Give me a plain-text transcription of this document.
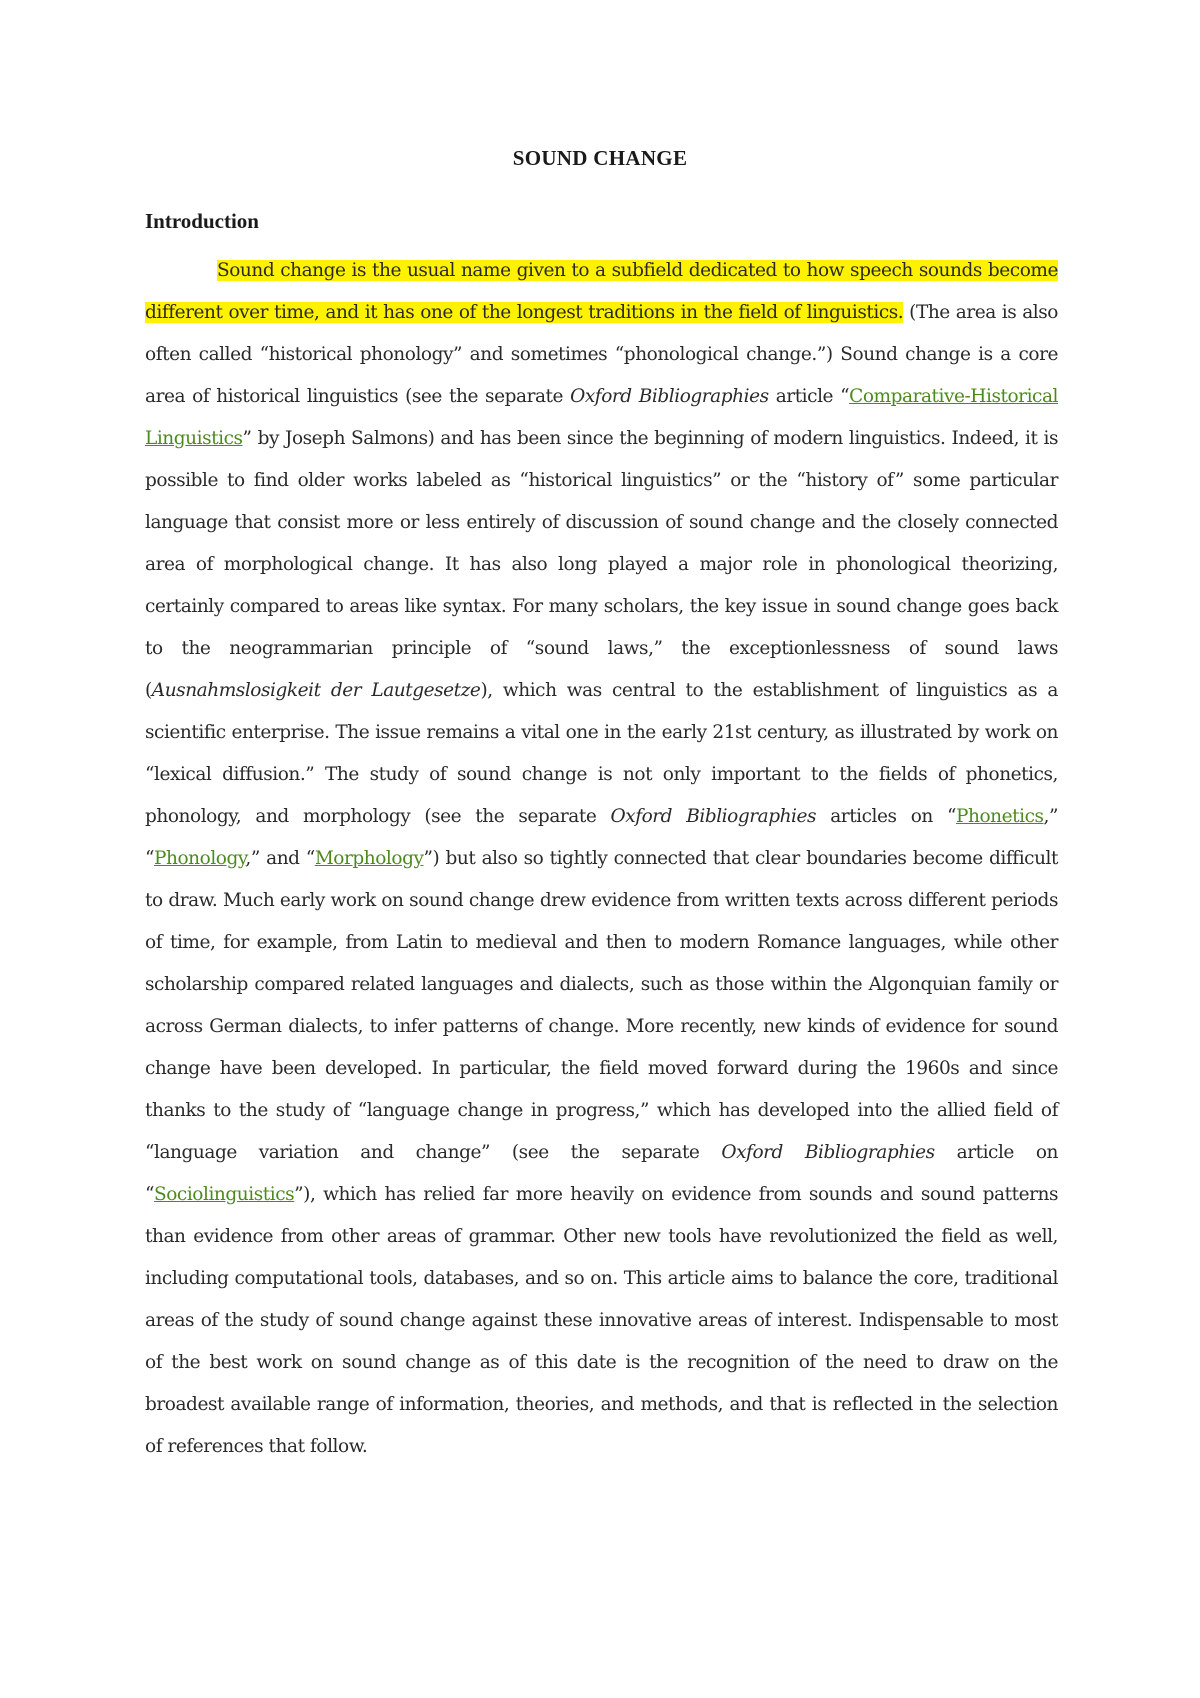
SOUND CHANGE
Introduction

Sound change is the usual name given to a subfield dedicated to how speech sounds become different over time, and it has one of the longest traditions in the field of linguistics. (The area is also often called “historical phonology” and sometimes “phonological change.”) Sound change is a core area of historical linguistics (see the separate Oxford Bibliographies article “Comparative-Historical Linguistics” by Joseph Salmons) and has been since the beginning of modern linguistics. Indeed, it is possible to find older works labeled as “historical linguistics” or the “history of” some particular language that consist more or less entirely of discussion of sound change and the closely connected area of morphological change. It has also long played a major role in phonological theorizing, certainly compared to areas like syntax. For many scholars, the key issue in sound change goes back to the neogrammarian principle of “sound laws,” the exceptionlessness of sound laws (Ausnahmslosigkeit der Lautgesetze), which was central to the establishment of linguistics as a scientific enterprise. The issue remains a vital one in the early 21st century, as illustrated by work on “lexical diffusion.” The study of sound change is not only important to the fields of phonetics, phonology, and morphology (see the separate Oxford Bibliographies articles on “Phonetics,” “Phonology,” and “Morphology”) but also so tightly connected that clear boundaries become difficult to draw. Much early work on sound change drew evidence from written texts across different periods of time, for example, from Latin to medieval and then to modern Romance languages, while other scholarship compared related languages and dialects, such as those within the Algonquian family or across German dialects, to infer patterns of change. More recently, new kinds of evidence for sound change have been developed. In particular, the field moved forward during the 1960s and since thanks to the study of “language change in progress,” which has developed into the allied field of “language variation and change” (see the separate Oxford Bibliographies article on “Sociolinguistics”), which has relied far more heavily on evidence from sounds and sound patterns than evidence from other areas of grammar. Other new tools have revolutionized the field as well, including computational tools, databases, and so on. This article aims to balance the core, traditional areas of the study of sound change against these innovative areas of interest. Indispensable to most of the best work on sound change as of this date is the recognition of the need to draw on the broadest available range of information, theories, and methods, and that is reflected in the selection of references that follow.
